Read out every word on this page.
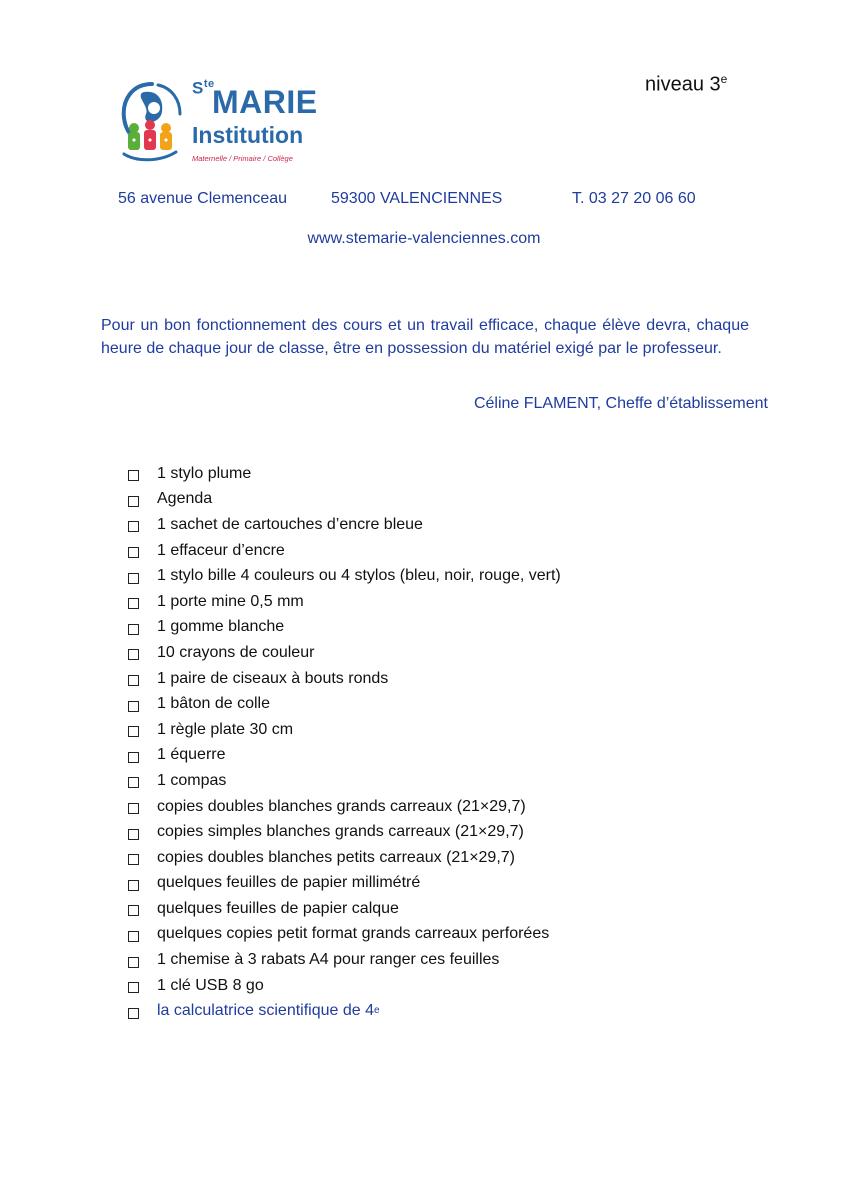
$S^{te}$
MARIE
Institution
Maternelle / Primaire / Collège
niveau 3e
56 avenue Clemenceau	59300 VALENCIENNES	T. 03 27 20 06 60
www.stemarie-valenciennes.com
Pour un bon fonctionnement des cours et un travail efficace, chaque élève devra, chaque heure de chaque jour de classe, être en possession du matériel exigé par le professeur.
Céline FLAMENT, Cheffe d’établissement
1 stylo plume
Agenda
1 sachet de cartouches d’encre bleue
1 effaceur d’encre
1 stylo bille 4 couleurs ou 4 stylos (bleu, noir, rouge, vert)
1 porte mine 0,5 mm
1 gomme blanche
10 crayons de couleur
1 paire de ciseaux à bouts ronds
1 bâton de colle
1 règle plate 30 cm
1 équerre
1 compas
copies doubles blanches grands carreaux (21×29,7)
copies simples blanches grands carreaux (21×29,7)
copies doubles blanches petits carreaux (21×29,7)
quelques feuilles de papier millimétré
quelques feuilles de papier calque
quelques copies petit format grands carreaux perforées
1 chemise à 3 rabats A4 pour ranger ces feuilles
1 clé USB 8 go
la calculatrice scientifique de 4 e
